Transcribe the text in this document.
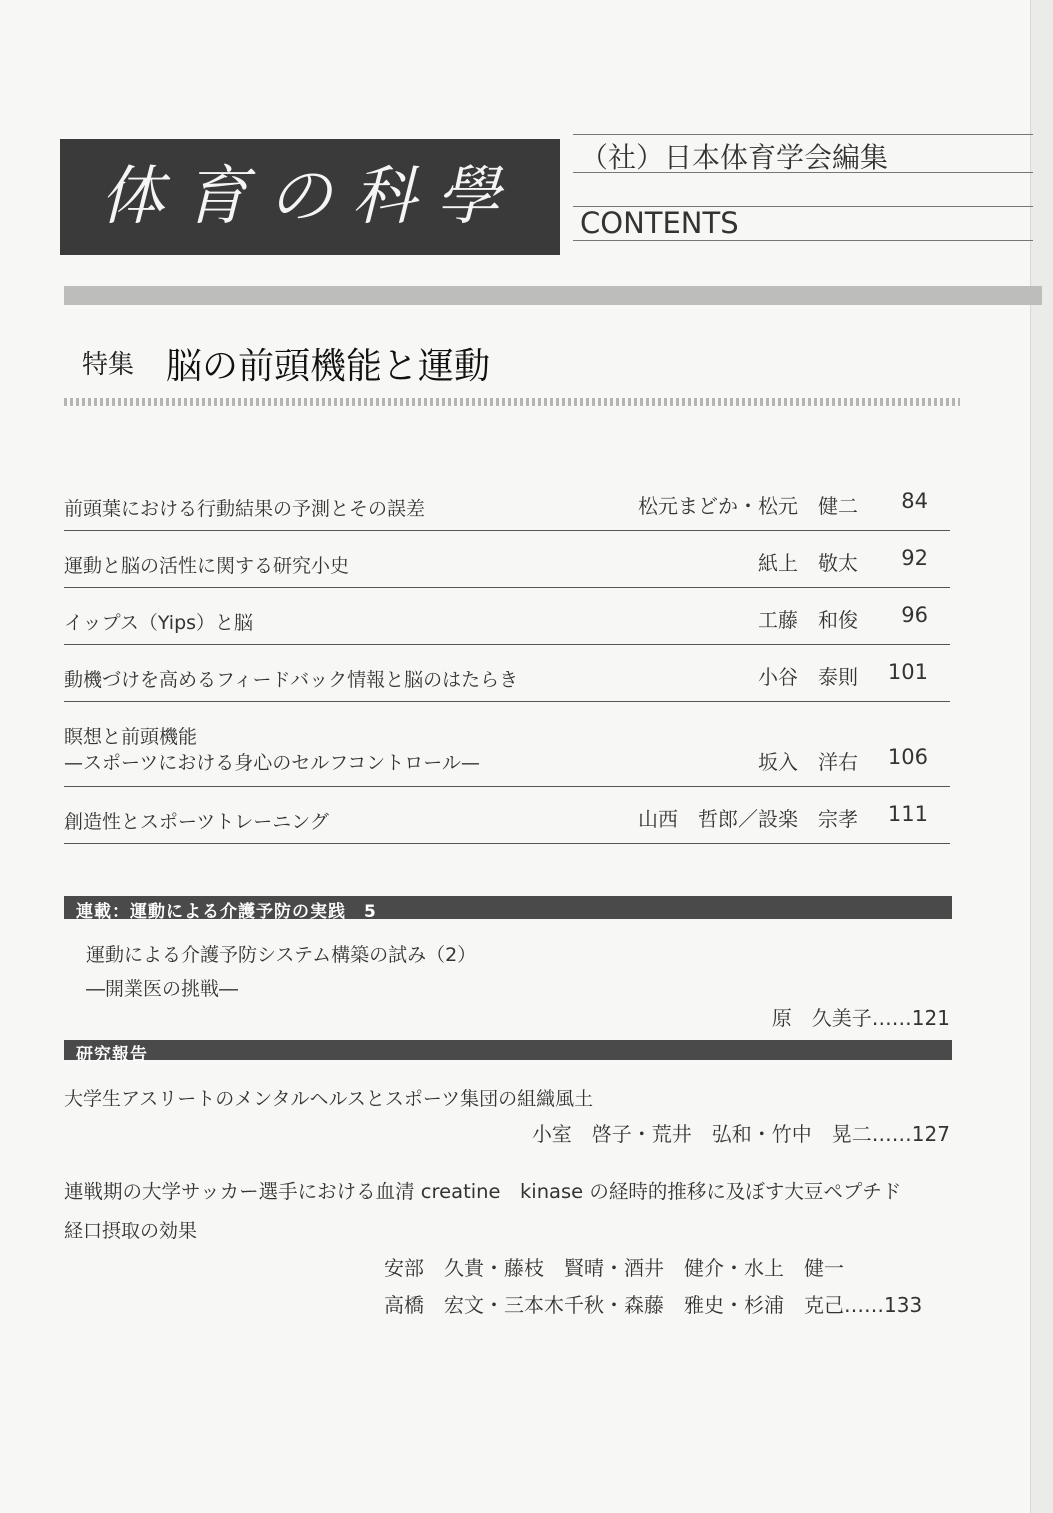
体育の科學
（社）日本体育学会編集
CONTENTS
特集 脳の前頭機能と運動
前頭葉における行動結果の予測とその誤差	松元まどか・松元　健二 84
運動と脳の活性に関する研究小史	紙上　敬太 92
イップス（Yips）と脳	工藤　和俊 96
動機づけを高めるフィードバック情報と脳のはたらき	小谷　泰則 101
瞑想と前頭機能
—スポーツにおける身心のセルフコントロール—	坂入　洋右 106
創造性とスポーツトレーニング	山西　哲郎／設楽　宗孝 111
連載：運動による介護予防の実践　5
運動による介護予防システム構築の試み（2）
―開業医の挑戦―
原　久美子……121
研究報告
大学生アスリートのメンタルヘルスとスポーツ集団の組織風土
小室　啓子・荒井　弘和・竹中　晃二……127
連戦期の大学サッカー選手における血清 creatine　kinase の経時的推移に及ぼす大豆ペプチド
経口摂取の効果
安部　久貴・藤枝　賢晴・酒井　健介・水上　健一
高橋　宏文・三本木千秋・森藤　雅史・杉浦　克己……133
